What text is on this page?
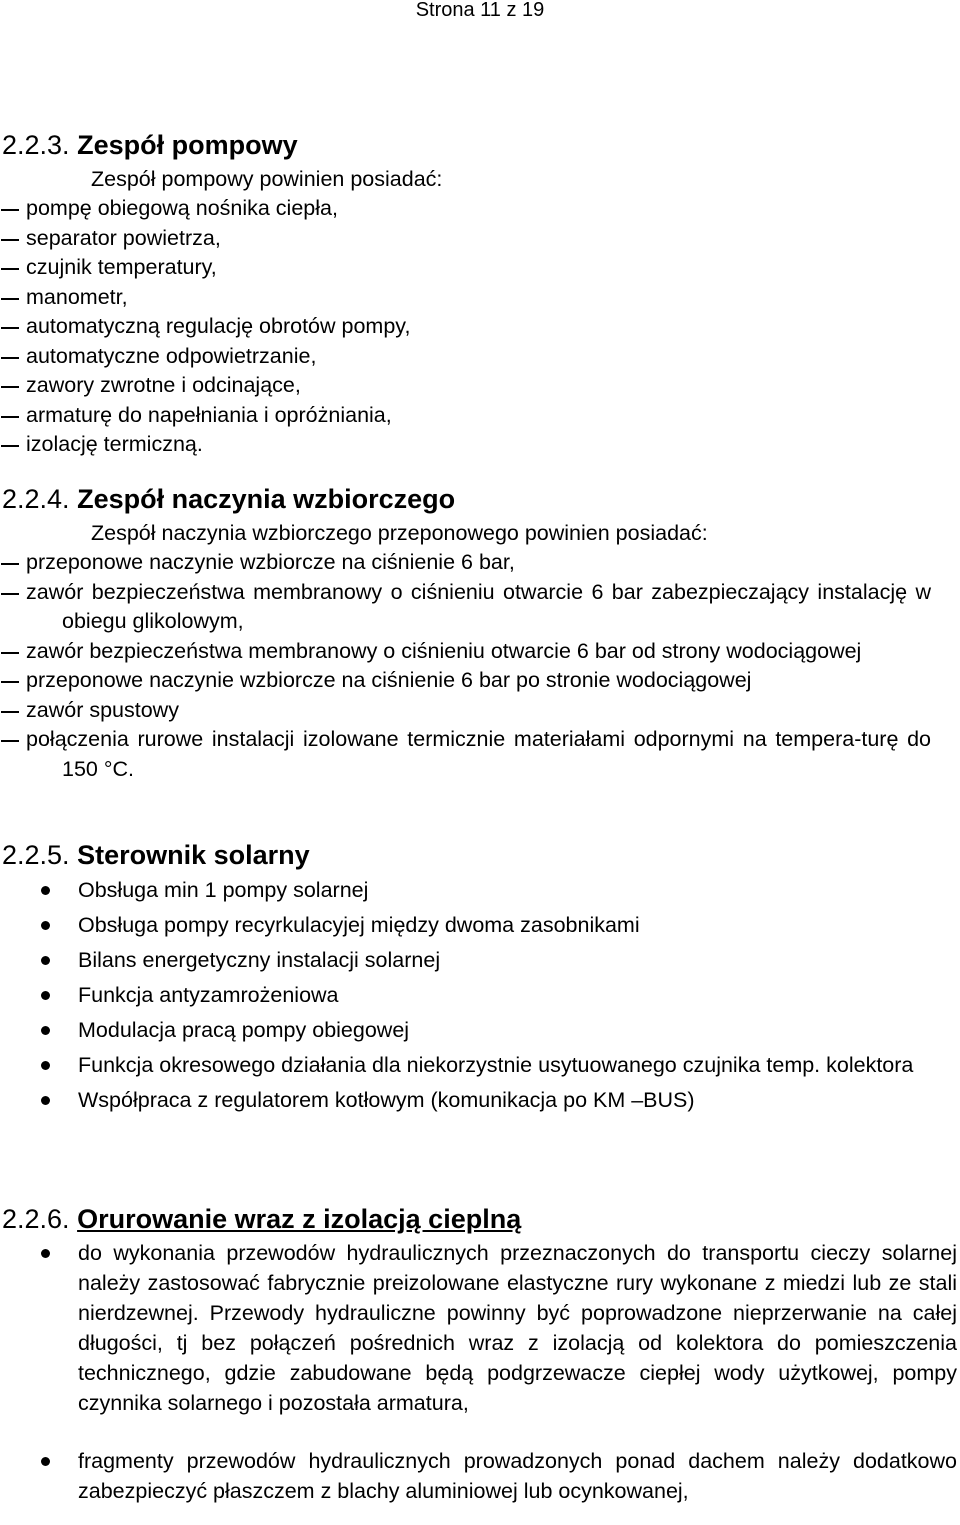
Strona 11 z 19
2.2.3. Zespół pompowy
Zespół pompowy powinien posiadać:
pompę obiegową nośnika ciepła,
separator powietrza,
czujnik temperatury,
manometr,
automatyczną regulację obrotów pompy,
automatyczne odpowietrzanie,
zawory zwrotne i odcinające,
armaturę do napełniania i opróżniania,
izolację termiczną.
2.2.4. Zespół naczynia wzbiorczego
Zespół naczynia wzbiorczego przeponowego powinien posiadać:
przeponowe naczynie wzbiorcze na ciśnienie 6 bar,
zawór bezpieczeństwa membranowy o ciśnieniu otwarcie 6 bar zabezpieczający instalację w obiegu glikolowym,
zawór bezpieczeństwa membranowy o ciśnieniu otwarcie 6 bar od strony wodociągowej
przeponowe naczynie wzbiorcze na ciśnienie 6 bar po stronie wodociągowej
zawór spustowy
połączenia rurowe instalacji izolowane termicznie materiałami odpornymi na tempera-turę do 150 °C.
2.2.5. Sterownik solarny
Obsługa min 1 pompy solarnej
Obsługa pompy recyrkulacyjej między dwoma zasobnikami
Bilans energetyczny instalacji solarnej
Funkcja antyzamrożeniowa
Modulacja pracą pompy obiegowej
Funkcja okresowego działania dla niekorzystnie usytuowanego czujnika temp. kolektora
Współpraca z regulatorem kotłowym (komunikacja po KM –BUS)
2.2.6. Orurowanie wraz z izolacją cieplną
do wykonania przewodów hydraulicznych przeznaczonych do transportu cieczy solarnej należy zastosować fabrycznie preizolowane elastyczne rury wykonane z miedzi lub ze stali nierdzewnej. Przewody hydrauliczne powinny być poprowadzone nieprzerwanie na całej długości, tj bez połączeń pośrednich wraz z izolacją od kolektora do pomieszczenia technicznego, gdzie zabudowane będą podgrzewacze ciepłej wody użytkowej, pompy czynnika solarnego i pozostała armatura,
fragmenty przewodów hydraulicznych prowadzonych ponad dachem należy dodatkowo zabezpieczyć płaszczem z blachy aluminiowej lub ocynkowanej,
